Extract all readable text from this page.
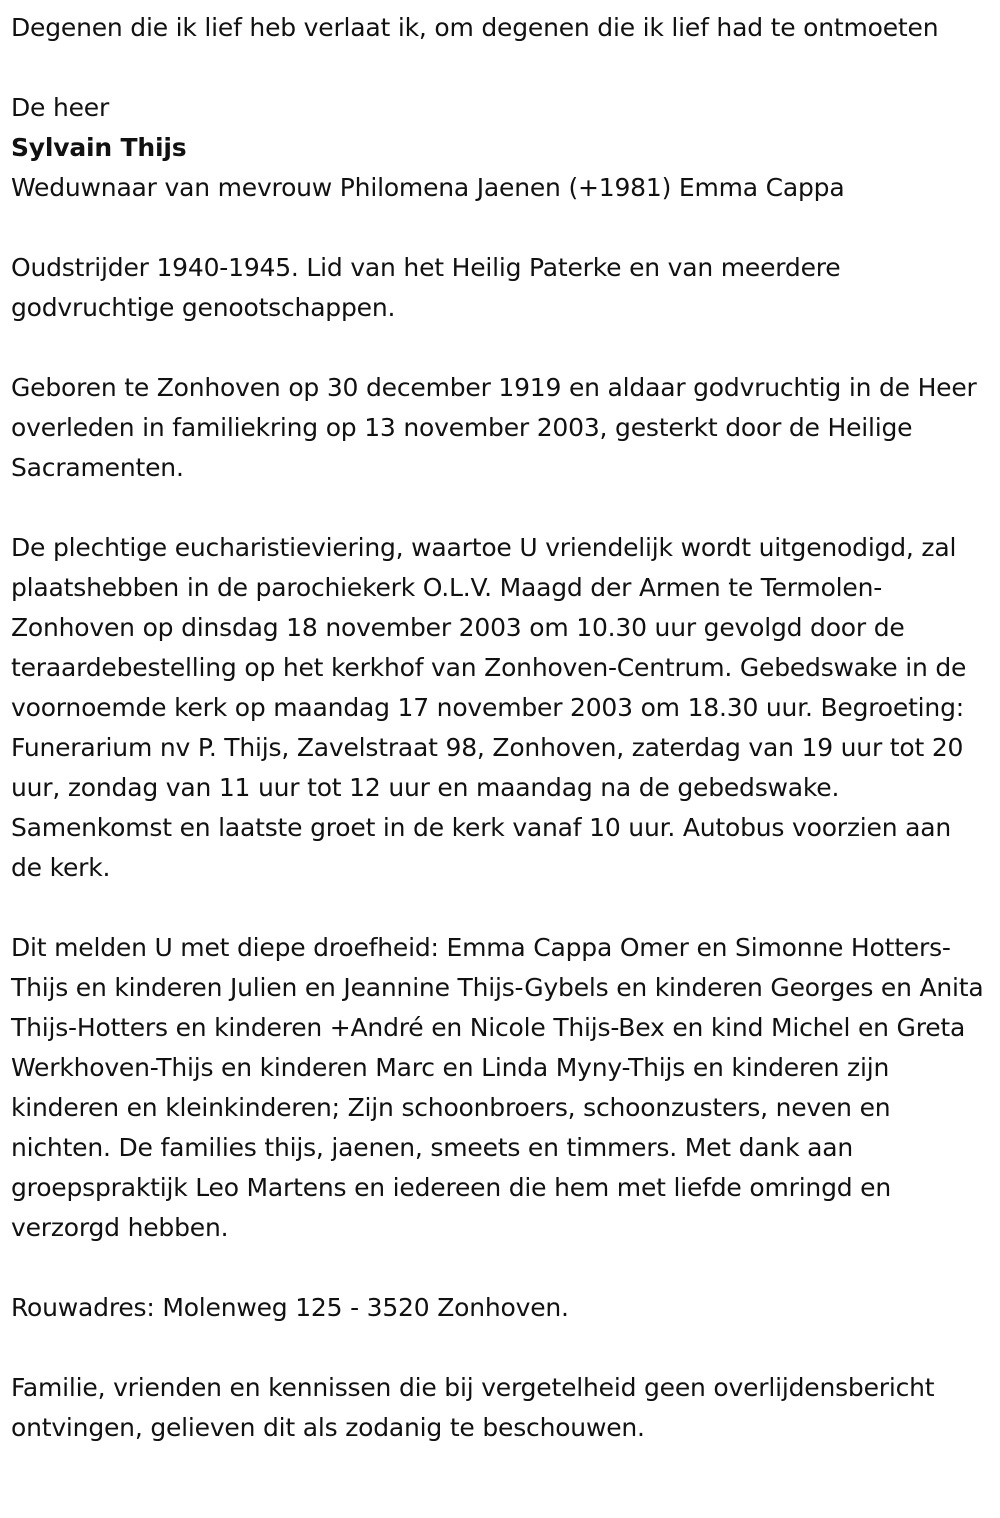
Degenen die ik lief heb verlaat ik, om degenen die ik lief had te ontmoeten

De heer

Sylvain Thijs

Weduwnaar van mevrouw Philomena Jaenen (+1981) Emma Cappa

Oudstrijder 1940-1945. Lid van het Heilig Paterke en van meerdere godvruchtige genootschappen.

Geboren te Zonhoven op 30 december 1919 en aldaar godvruchtig in de Heer overleden in familiekring op 13 november 2003, gesterkt door de Heilige Sacramenten.

De plechtige eucharistieviering, waartoe U vriendelijk wordt uitgenodigd, zal plaatshebben in de parochiekerk O.L.V. Maagd der Armen te Termolen-Zonhoven op dinsdag 18 november 2003 om 10.30 uur gevolgd door de teraardebestelling op het kerkhof van Zonhoven-Centrum. Gebedswake in de voornoemde kerk op maandag 17 november 2003 om 18.30 uur. Begroeting: Funerarium nv P. Thijs, Zavelstraat 98, Zonhoven, zaterdag van 19 uur tot 20 uur, zondag van 11 uur tot 12 uur en maandag na de gebedswake. Samenkomst en laatste groet in de kerk vanaf 10 uur. Autobus voorzien aan de kerk.

Dit melden U met diepe droefheid: Emma Cappa Omer en Simonne Hotters-Thijs en kinderen Julien en Jeannine Thijs-Gybels en kinderen Georges en Anita Thijs-Hotters en kinderen +André en Nicole Thijs-Bex en kind Michel en Greta Werkhoven-Thijs en kinderen Marc en Linda Myny-Thijs en kinderen zijn kinderen en kleinkinderen; Zijn schoonbroers, schoonzusters, neven en nichten. De families thijs, jaenen, smeets en timmers. Met dank aan groepspraktijk Leo Martens en iedereen die hem met liefde omringd en verzorgd hebben.

Rouwadres: Molenweg 125 - 3520 Zonhoven.

Familie, vrienden en kennissen die bij vergetelheid geen overlijdensbericht ontvingen, gelieven dit als zodanig te beschouwen.
